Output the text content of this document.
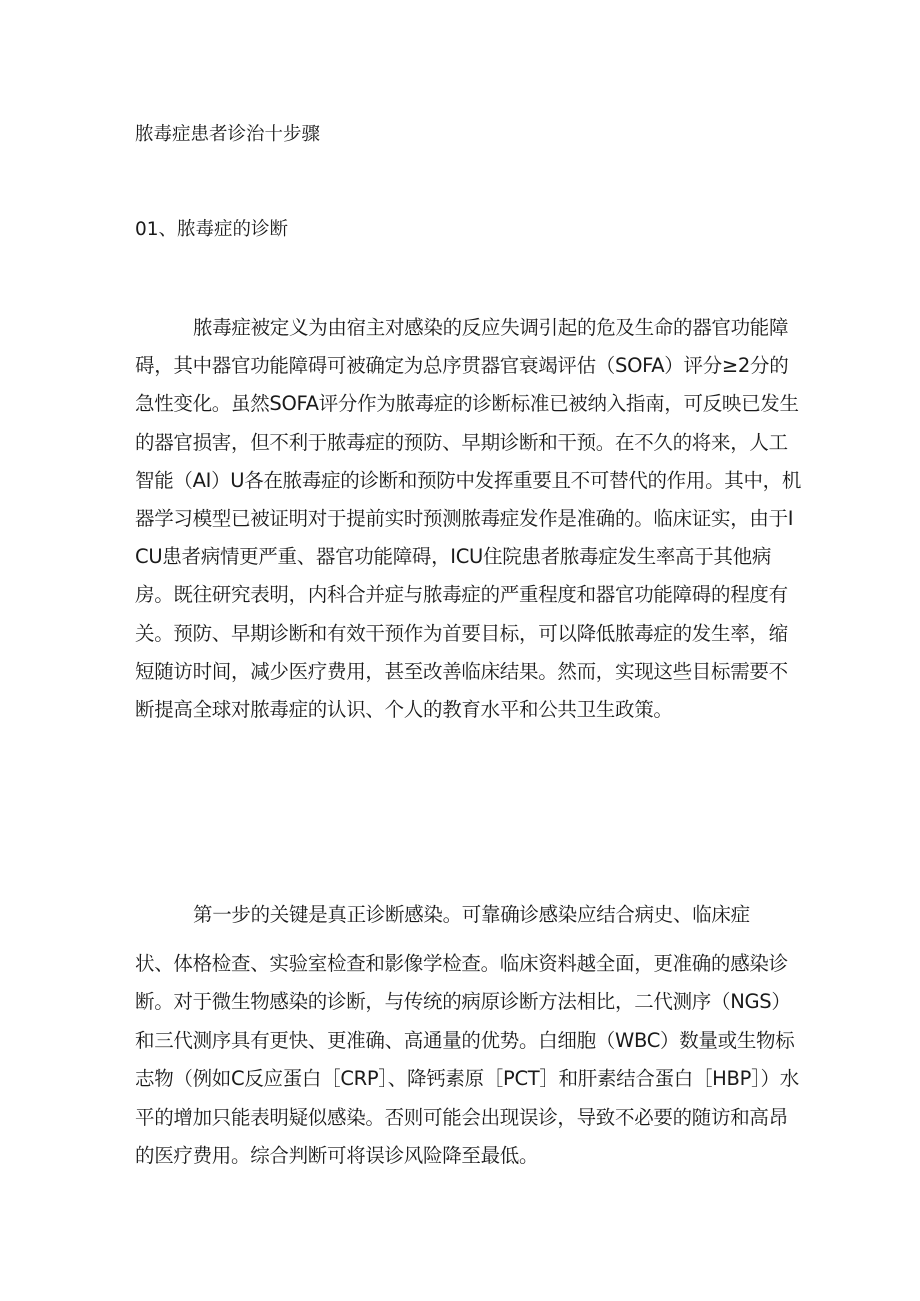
脓毒症患者诊治十步骤
01、脓毒症的诊断

脓毒症被定义为由宿主对感染的反应失调引起的危及生命的器官功能障碍，其中器官功能障碍可被确定为总序贯器官衰竭评估（SOFA）评分≥2分的急性变化。虽然SOFA评分作为脓毒症的诊断标准已被纳入指南，可反映已发生的器官损害，但不利于脓毒症的预防、早期诊断和干预。在不久的将来，人工智能（AI）U各在脓毒症的诊断和预防中发挥重要且不可替代的作用。其中，机器学习模型已被证明对于提前实时预测脓毒症发作是准确的。临床证实，由于ICU患者病情更严重、器官功能障碍，ICU住院患者脓毒症发生率高于其他病房。既往研究表明，内科合并症与脓毒症的严重程度和器官功能障碍的程度有关。预防、早期诊断和有效干预作为首要目标，可以降低脓毒症的发生率，缩短随访时间，减少医疗费用，甚至改善临床结果。然而，实现这些目标需要不断提高全球对脓毒症的认识、个人的教育水平和公共卫生政策。

第一步的关键是真正诊断感染。可靠确诊感染应结合病史、临床症
状、体格检查、实验室检查和影像学检查。临床资料越全面，更准确的感染诊断。对于微生物感染的诊断，与传统的病原诊断方法相比，二代测序（NGS）和三代测序具有更快、更准确、高通量的优势。白细胞（WBC）数量或生物标志物（例如C反应蛋白［CRP］、降钙素原［PCT］和肝素结合蛋白［HBP］）水平的增加只能表明疑似感染。否则可能会出现误诊，导致不必要的随访和高昂的医疗费用。综合判断可将误诊风险降至最低。
